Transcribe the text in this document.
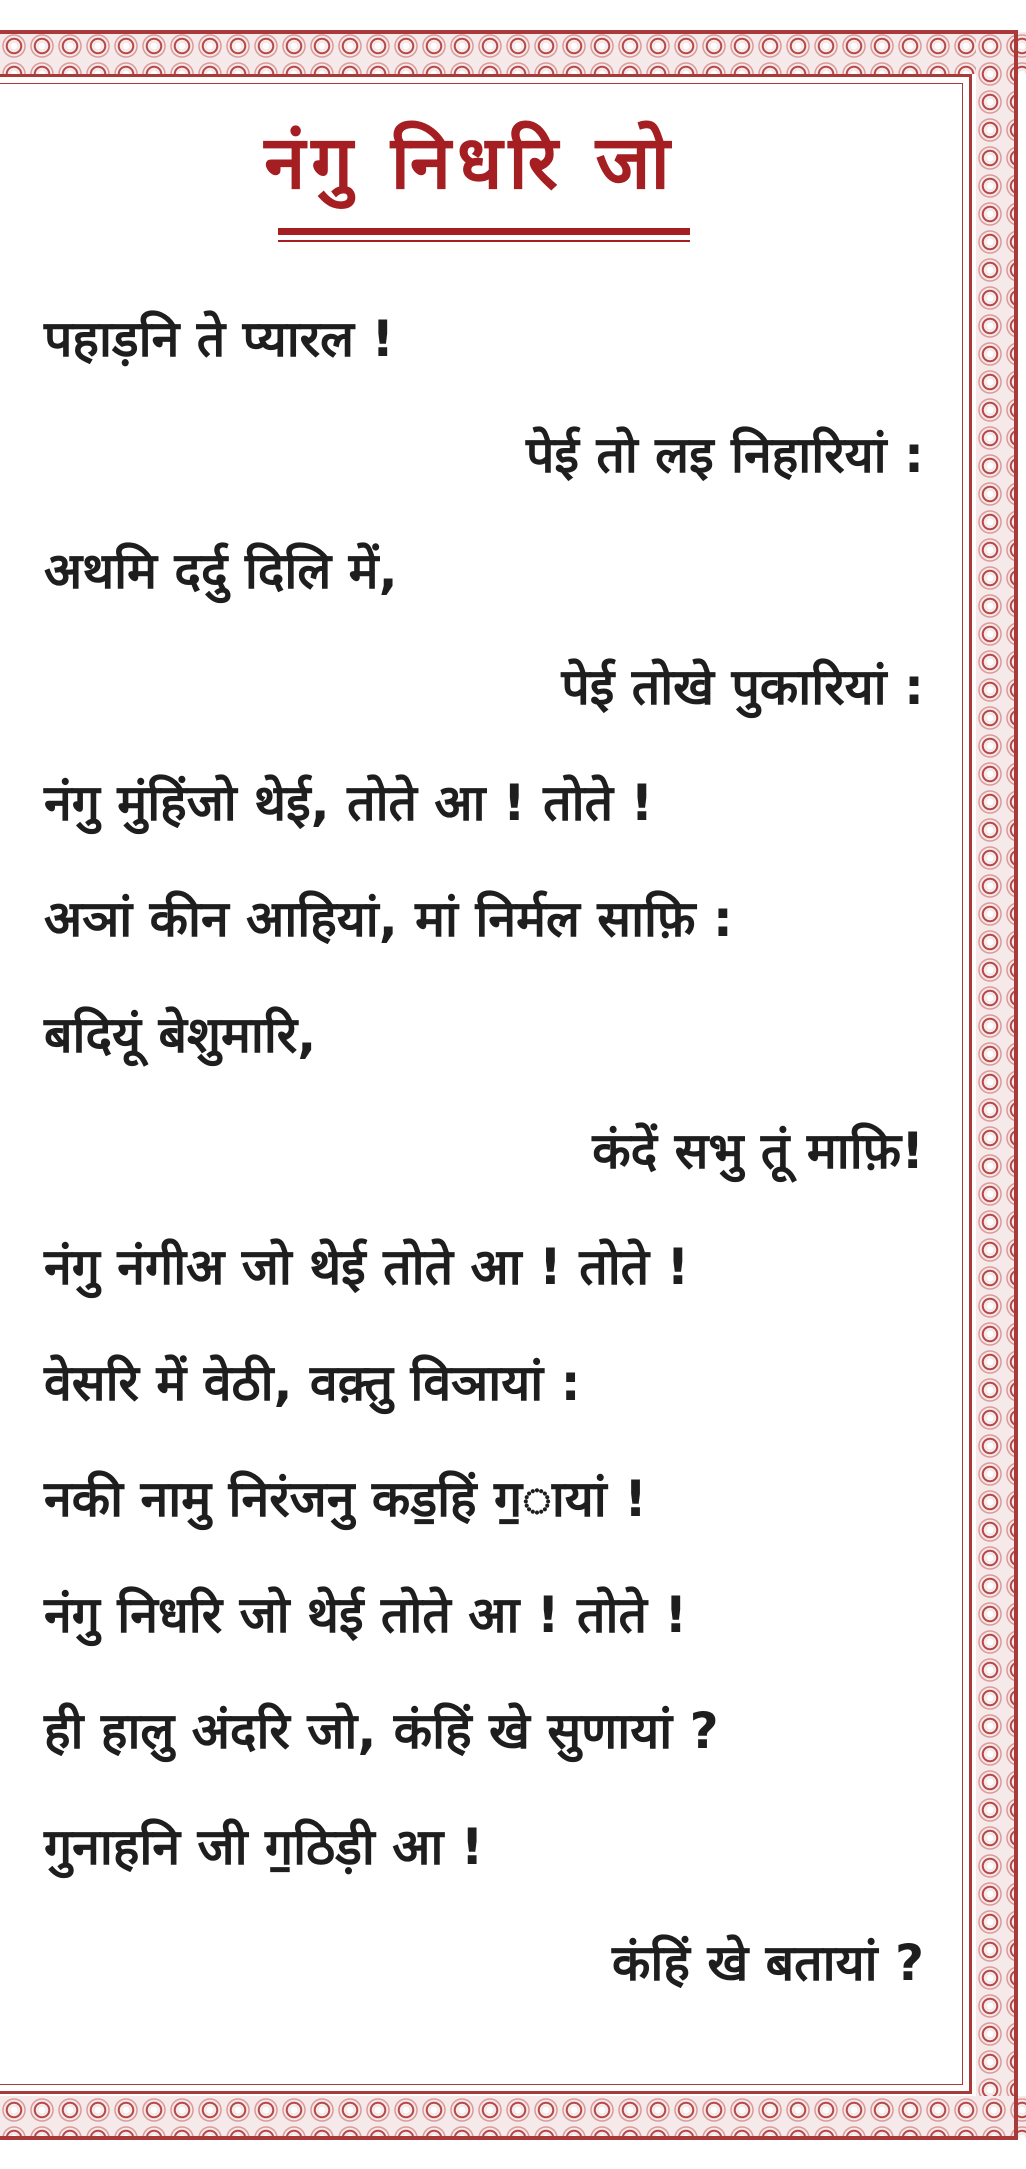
नंगु निधरि जो

पहाड़नि ते प्यारल !

पेई तो लइ निहारियां :

अथमि दर्दु दिलि में,

पेई तोखे पुकारियां :

नंगु मुंहिंजो थेई, तोते आ ! तोते !

अञां कीन आहियां, मां निर्मल साफ़ि :

बदियूं बेशुमारि,

कंदें सभु तूं माफ़ि!

नंगु नंगीअ जो थेई तोते आ ! तोते !

वेसरि में वेठी, वक़्तु विञायां :

नकी नामु निरंजनु कड॒हिं ग॒ायां !

नंगु निधरि जो थेई तोते आ ! तोते !

ही हालु अंदरि जो, कंहिं खे सुणायां ?

गुनाहनि जी ग॒ठिड़ी आ !

कंहिं खे बतायां ?
